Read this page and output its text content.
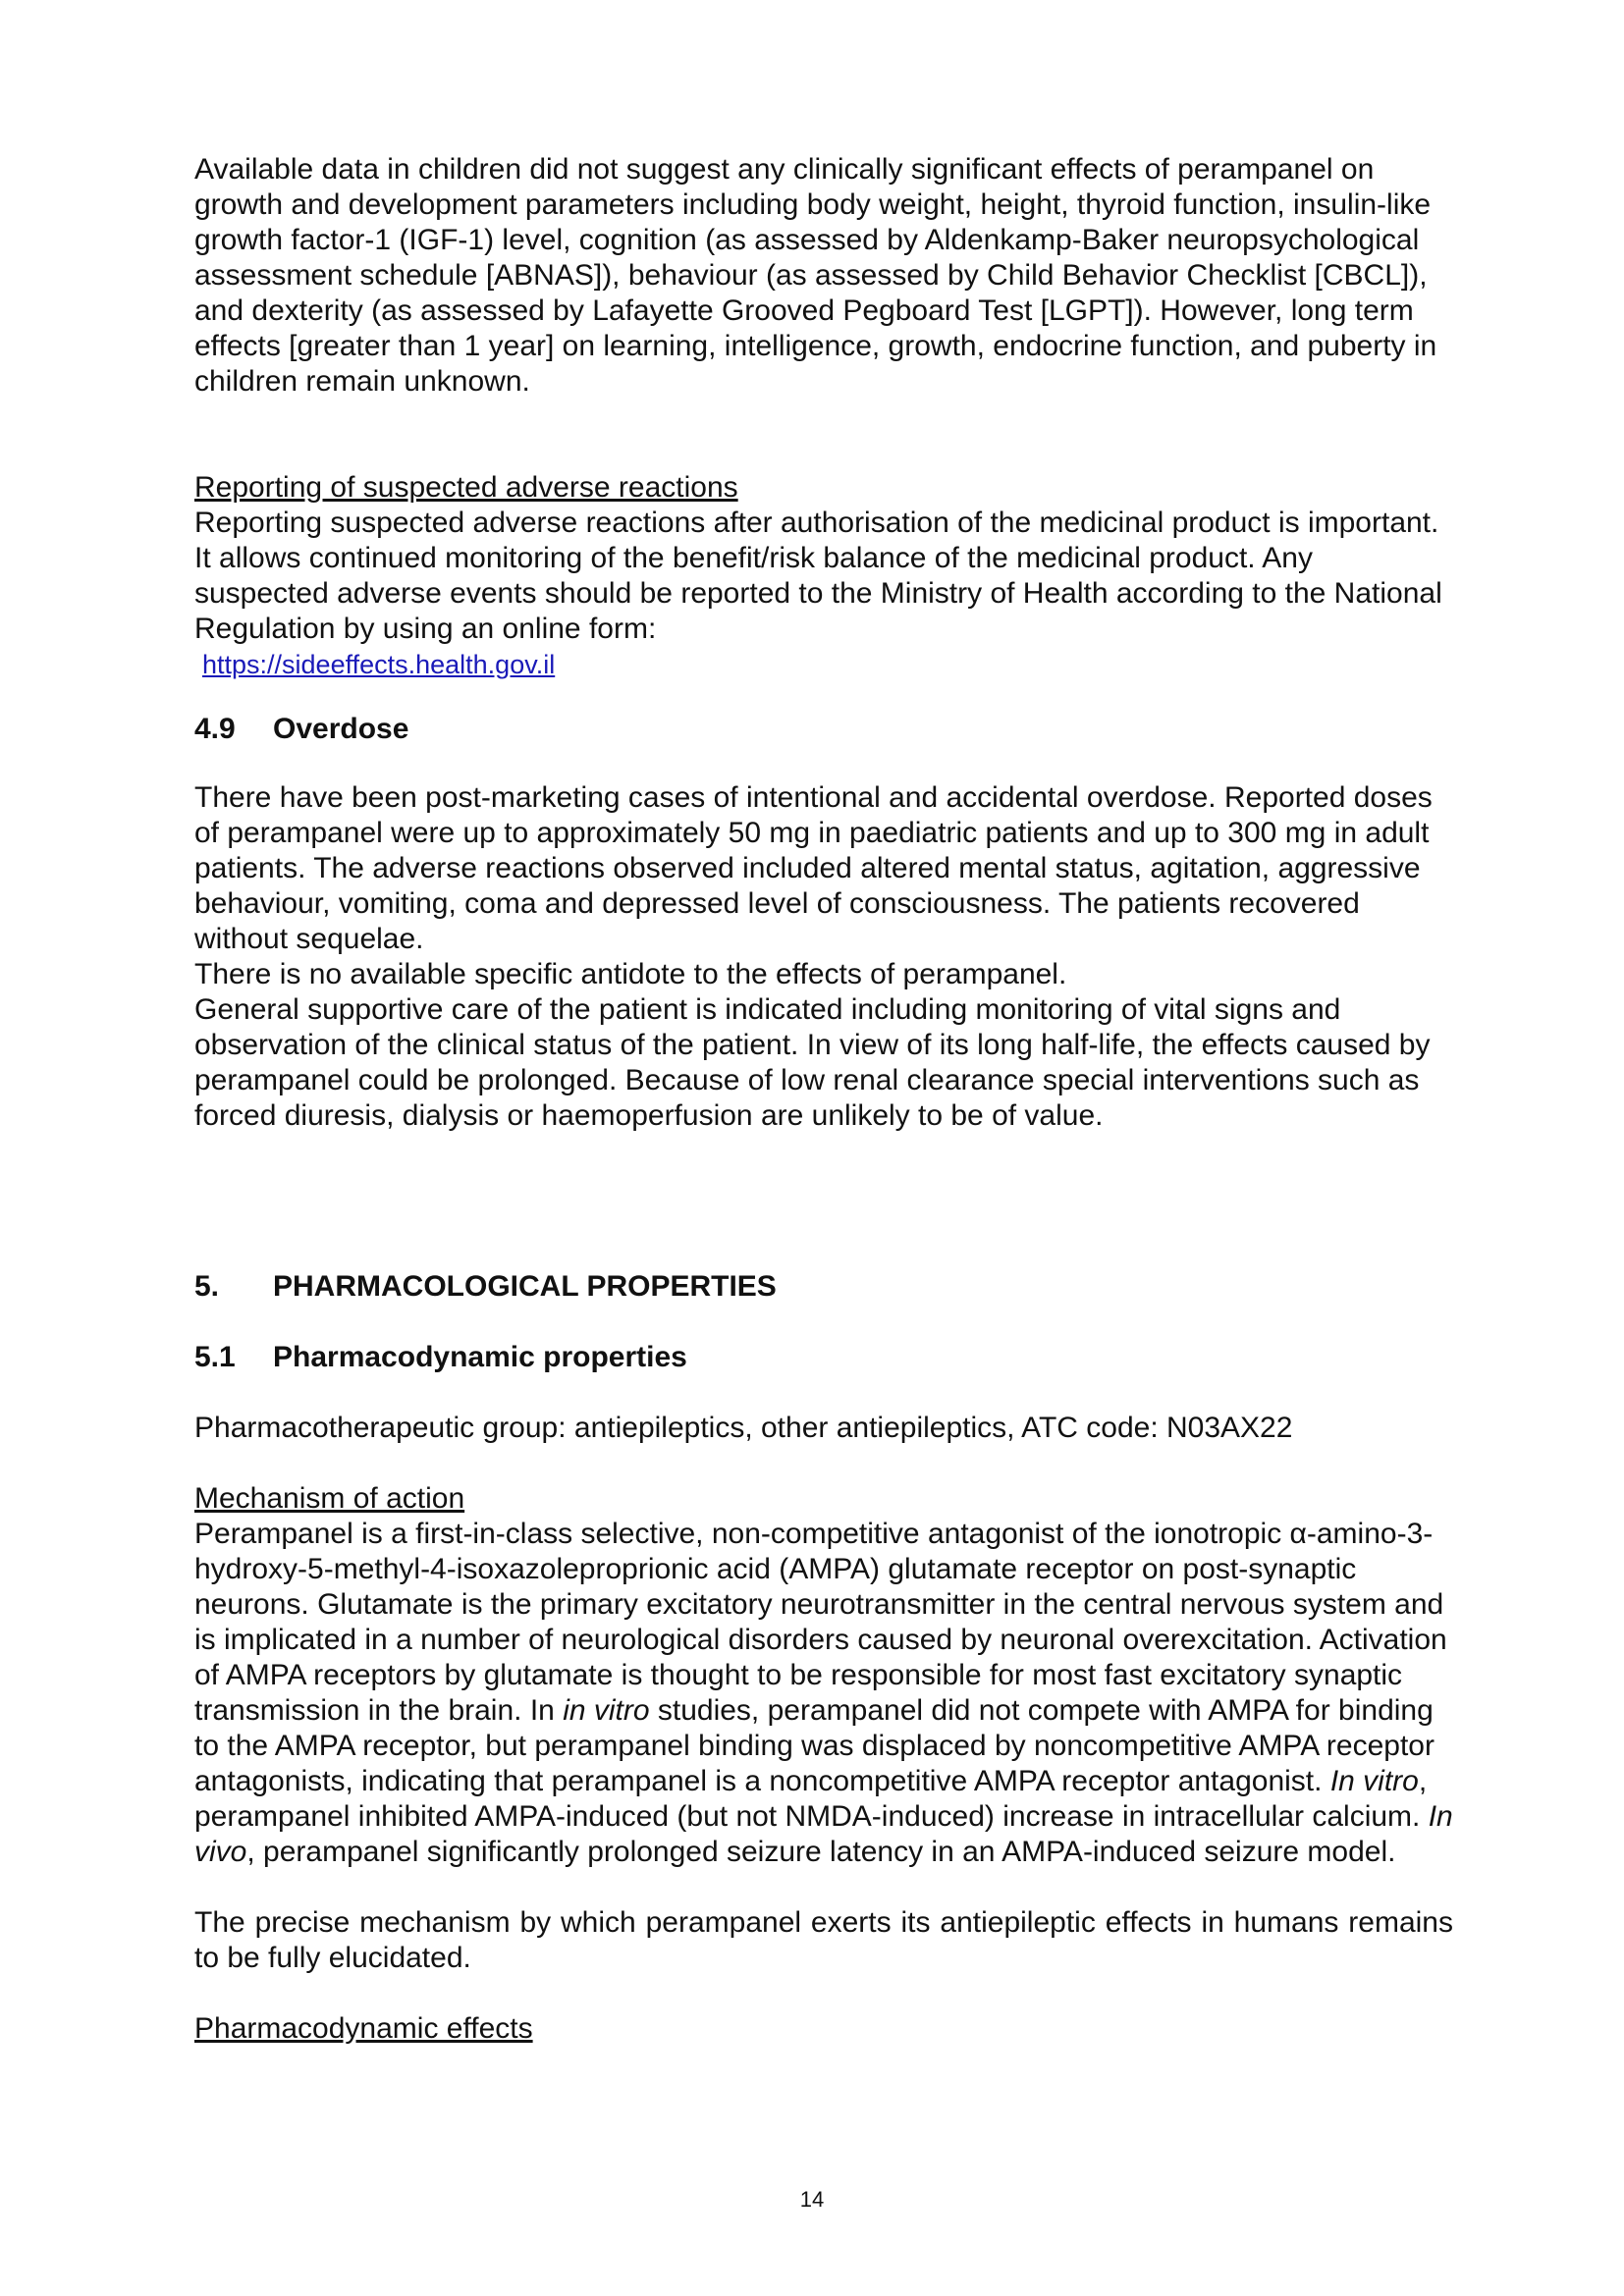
Available data in children did not suggest any clinically significant effects of perampanel on growth and development parameters including body weight, height, thyroid function, insulin-like growth factor-1 (IGF-1) level, cognition (as assessed by Aldenkamp-Baker neuropsychological assessment schedule [ABNAS]), behaviour (as assessed by Child Behavior Checklist [CBCL]), and dexterity (as assessed by Lafayette Grooved Pegboard Test [LGPT]). However, long term effects [greater than 1 year] on learning, intelligence, growth, endocrine function, and puberty in children remain unknown.

Reporting of suspected adverse reactions

Reporting suspected adverse reactions after authorisation of the medicinal product is important. It allows continued monitoring of the benefit/risk balance of the medicinal product. Any suspected adverse events should be reported to the Ministry of Health according to the National Regulation by using an online form:

https://sideeffects.health.gov.il

4.9 Overdose

There have been post-marketing cases of intentional and accidental overdose. Reported doses of perampanel were up to approximately 50 mg in paediatric patients and up to 300 mg in adult patients. The adverse reactions observed included altered mental status, agitation, aggressive behaviour, vomiting, coma and depressed level of consciousness. The patients recovered without sequelae.

There is no available specific antidote to the effects of perampanel.

General supportive care of the patient is indicated including monitoring of vital signs and observation of the clinical status of the patient. In view of its long half-life, the effects caused by perampanel could be prolonged. Because of low renal clearance special interventions such as forced diuresis, dialysis or haemoperfusion are unlikely to be of value.

5. PHARMACOLOGICAL PROPERTIES

5.1 Pharmacodynamic properties

Pharmacotherapeutic group: antiepileptics, other antiepileptics, ATC code: N03AX22

Mechanism of action

Perampanel is a first-in-class selective, non-competitive antagonist of the ionotropic α-amino-3-hydroxy-5-methyl-4-isoxazoleproprionic acid (AMPA) glutamate receptor on post-synaptic neurons. Glutamate is the primary excitatory neurotransmitter in the central nervous system and is implicated in a number of neurological disorders caused by neuronal overexcitation. Activation of AMPA receptors by glutamate is thought to be responsible for most fast excitatory synaptic transmission in the brain. In in vitro studies, perampanel did not compete with AMPA for binding to the AMPA receptor, but perampanel binding was displaced by noncompetitive AMPA receptor antagonists, indicating that perampanel is a noncompetitive AMPA receptor antagonist. In vitro, perampanel inhibited AMPA-induced (but not NMDA-induced) increase in intracellular calcium. In vivo, perampanel significantly prolonged seizure latency in an AMPA-induced seizure model.

The precise mechanism by which perampanel exerts its antiepileptic effects in humans remains to be fully elucidated.

Pharmacodynamic effects

14
